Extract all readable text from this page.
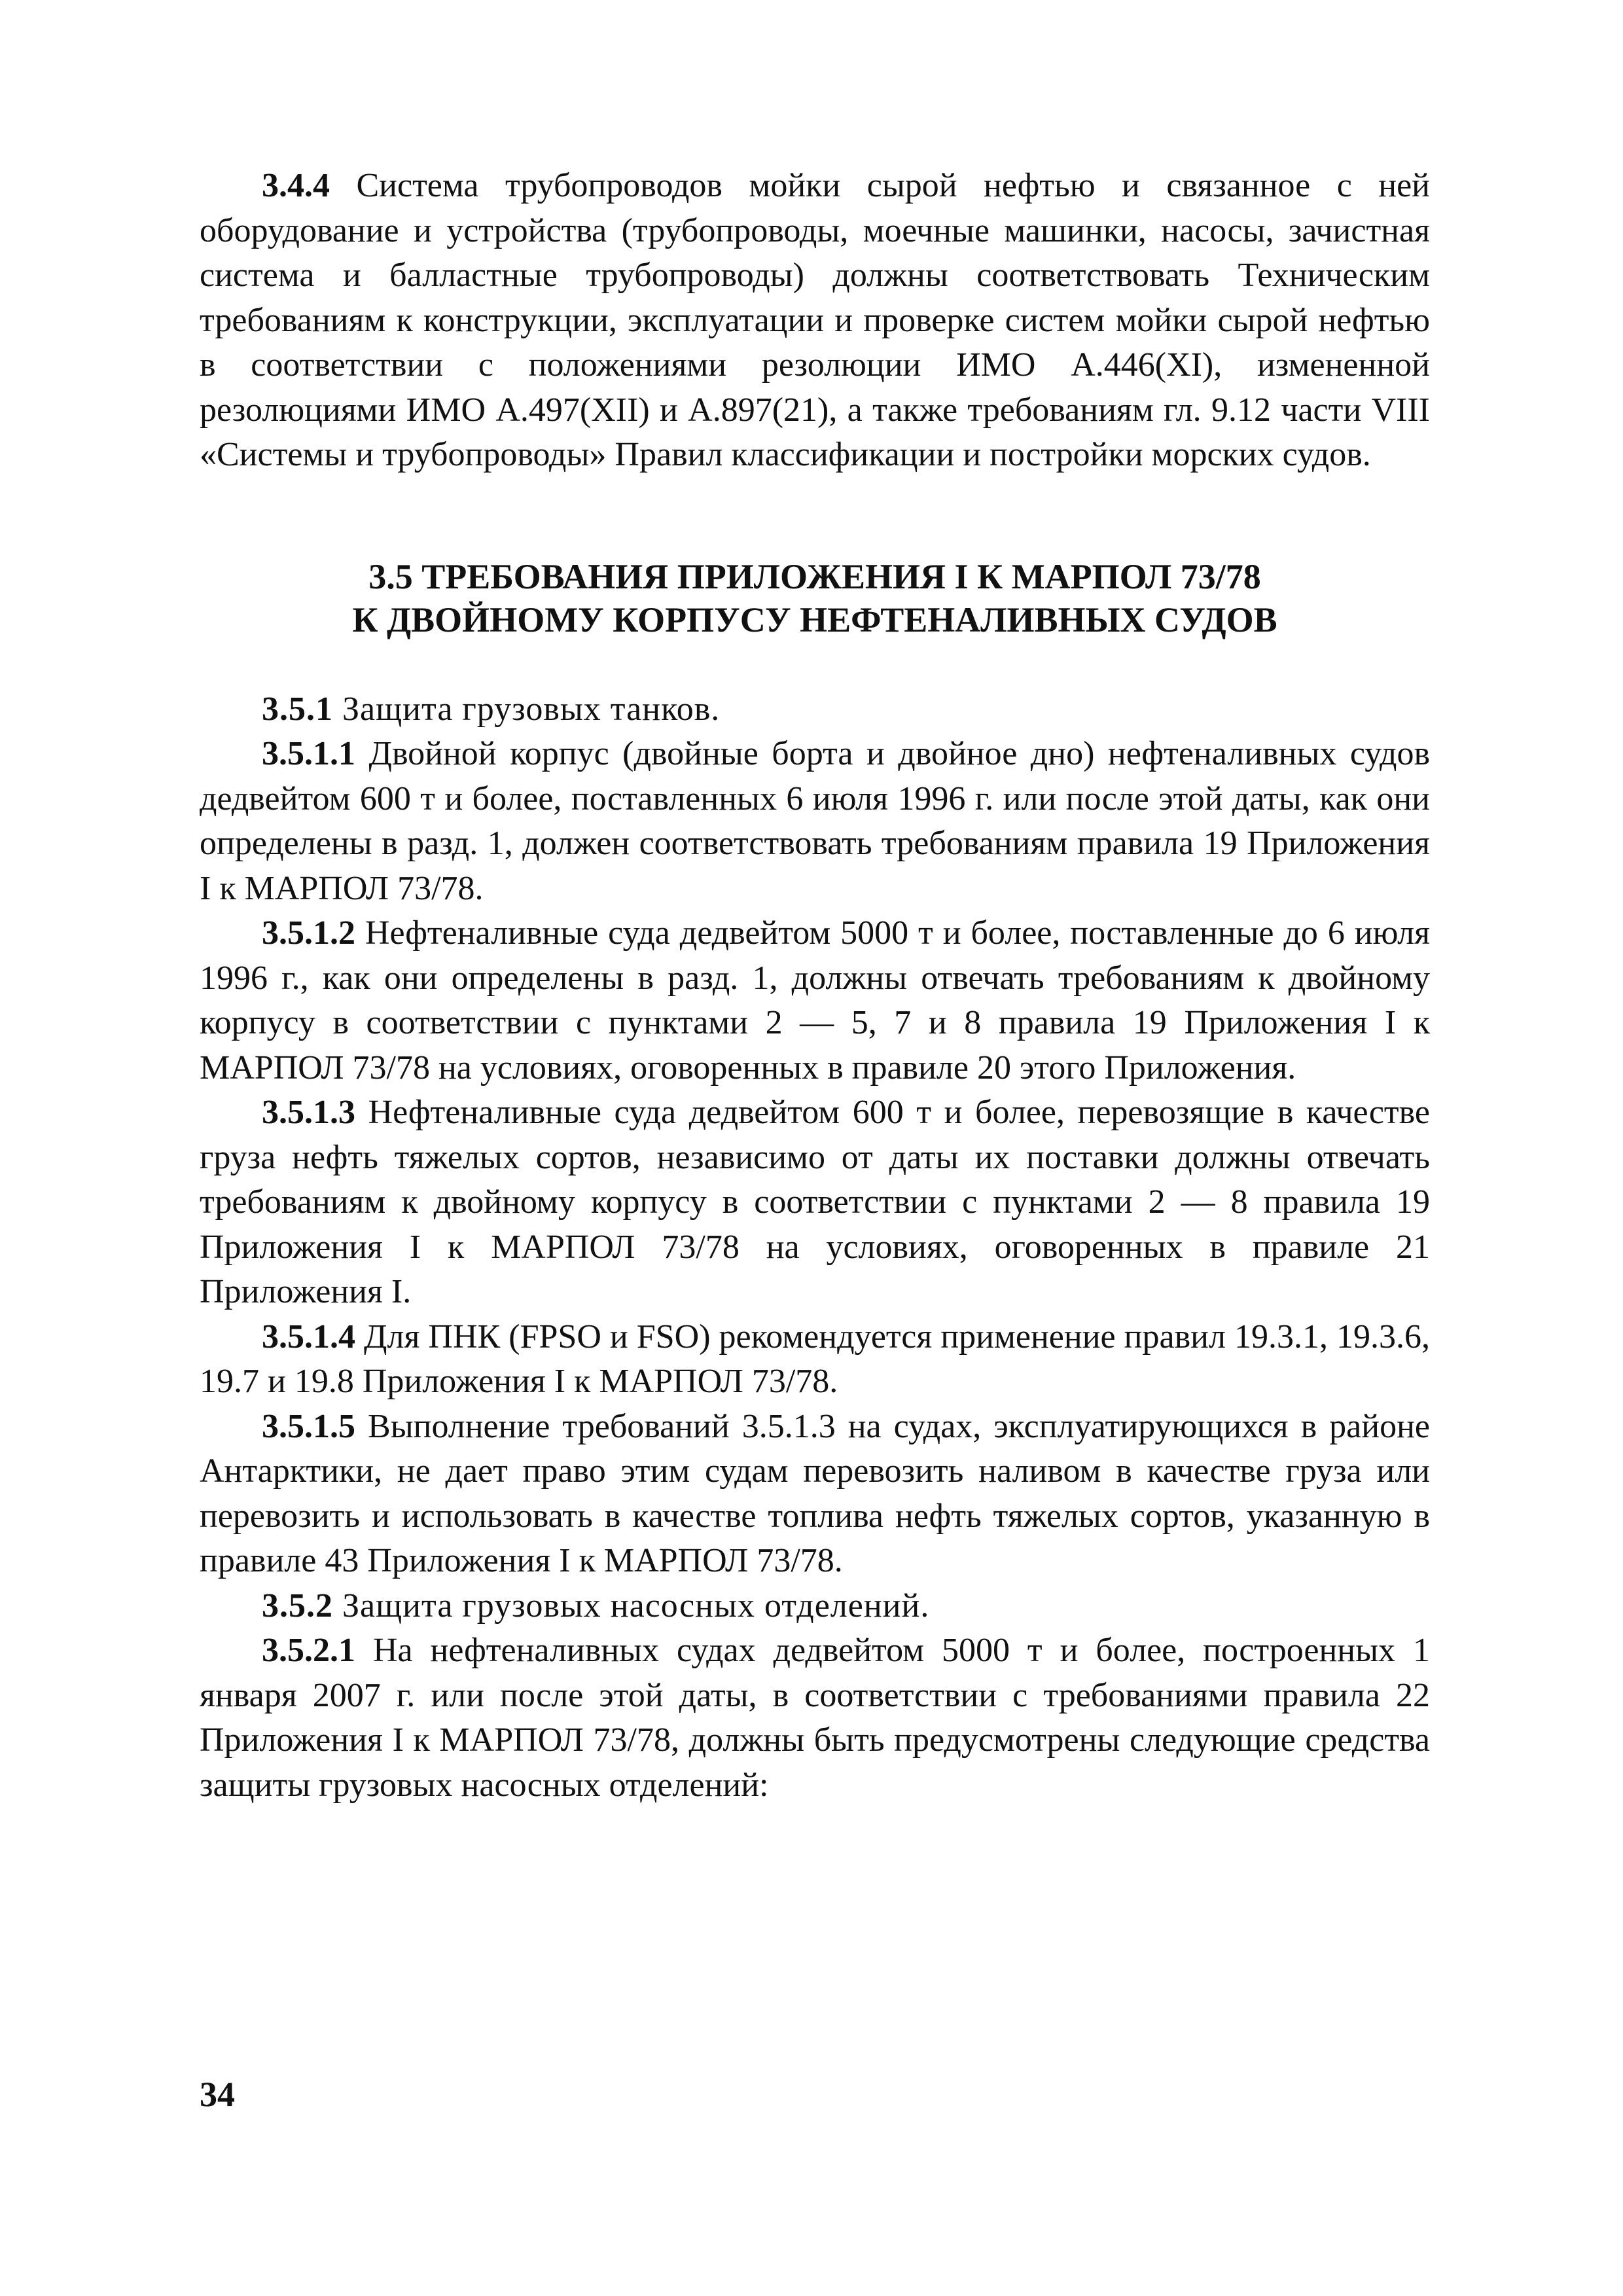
3.4.4 Система трубопроводов мойки сырой нефтью и связанное с ней оборудование и устройства (трубопроводы, моечные машинки, насосы, зачистная система и балластные трубопроводы) должны соответствовать Техническим требованиям к конструкции, эксплуатации и проверке систем мойки сырой нефтью в соответствии с положениями резолюции ИМО A.446(XI), измененной резолюциями ИМО A.497(XII) и A.897(21), а также требованиям гл. 9.12 части VIII «Системы и трубопроводы» Правил классификации и постройки морских судов.

3.5 ТРЕБОВАНИЯ ПРИЛОЖЕНИЯ I К МАРПОЛ 73/78

К ДВОЙНОМУ КОРПУСУ НЕФТЕНАЛИВНЫХ СУДОВ

3.5.1 Защита грузовых танков.

3.5.1.1 Двойной корпус (двойные борта и двойное дно) нефтеналивных судов дедвейтом 600 т и более, поставленных 6 июля 1996 г. или после этой даты, как они определены в разд. 1, должен соответствовать требованиям правила 19 Приложения I к МАРПОЛ 73/78.

3.5.1.2 Нефтеналивные суда дедвейтом 5000 т и более, поставленные до 6 июля 1996 г., как они определены в разд. 1, должны отвечать требованиям к двойному корпусу в соответствии с пунктами 2 — 5, 7 и 8 правила 19 Приложения I к МАРПОЛ 73/78 на условиях, оговоренных в правиле 20 этого Приложения.

3.5.1.3 Нефтеналивные суда дедвейтом 600 т и более, перевозящие в качестве груза нефть тяжелых сортов, независимо от даты их поставки должны отвечать требованиям к двойному корпусу в соответствии с пунктами 2 — 8 правила 19 Приложения I к МАРПОЛ 73/78 на условиях, оговоренных в правиле 21 Приложения I.

3.5.1.4 Для ПНК (FPSO и FSO) рекомендуется применение правил 19.3.1, 19.3.6, 19.7 и 19.8 Приложения I к МАРПОЛ 73/78.

3.5.1.5 Выполнение требований 3.5.1.3 на судах, эксплуатирующихся в районе Антарктики, не дает право этим судам перевозить наливом в качестве груза или перевозить и использовать в качестве топлива нефть тяжелых сортов, указанную в правиле 43 Приложения I к МАРПОЛ 73/78.

3.5.2 Защита грузовых насосных отделений.

3.5.2.1 На нефтеналивных судах дедвейтом 5000 т и более, построенных 1 января 2007 г. или после этой даты, в соответствии с требованиями правила 22 Приложения I к МАРПОЛ 73/78, должны быть предусмотрены следующие средства защиты грузовых насосных отделений:

34
